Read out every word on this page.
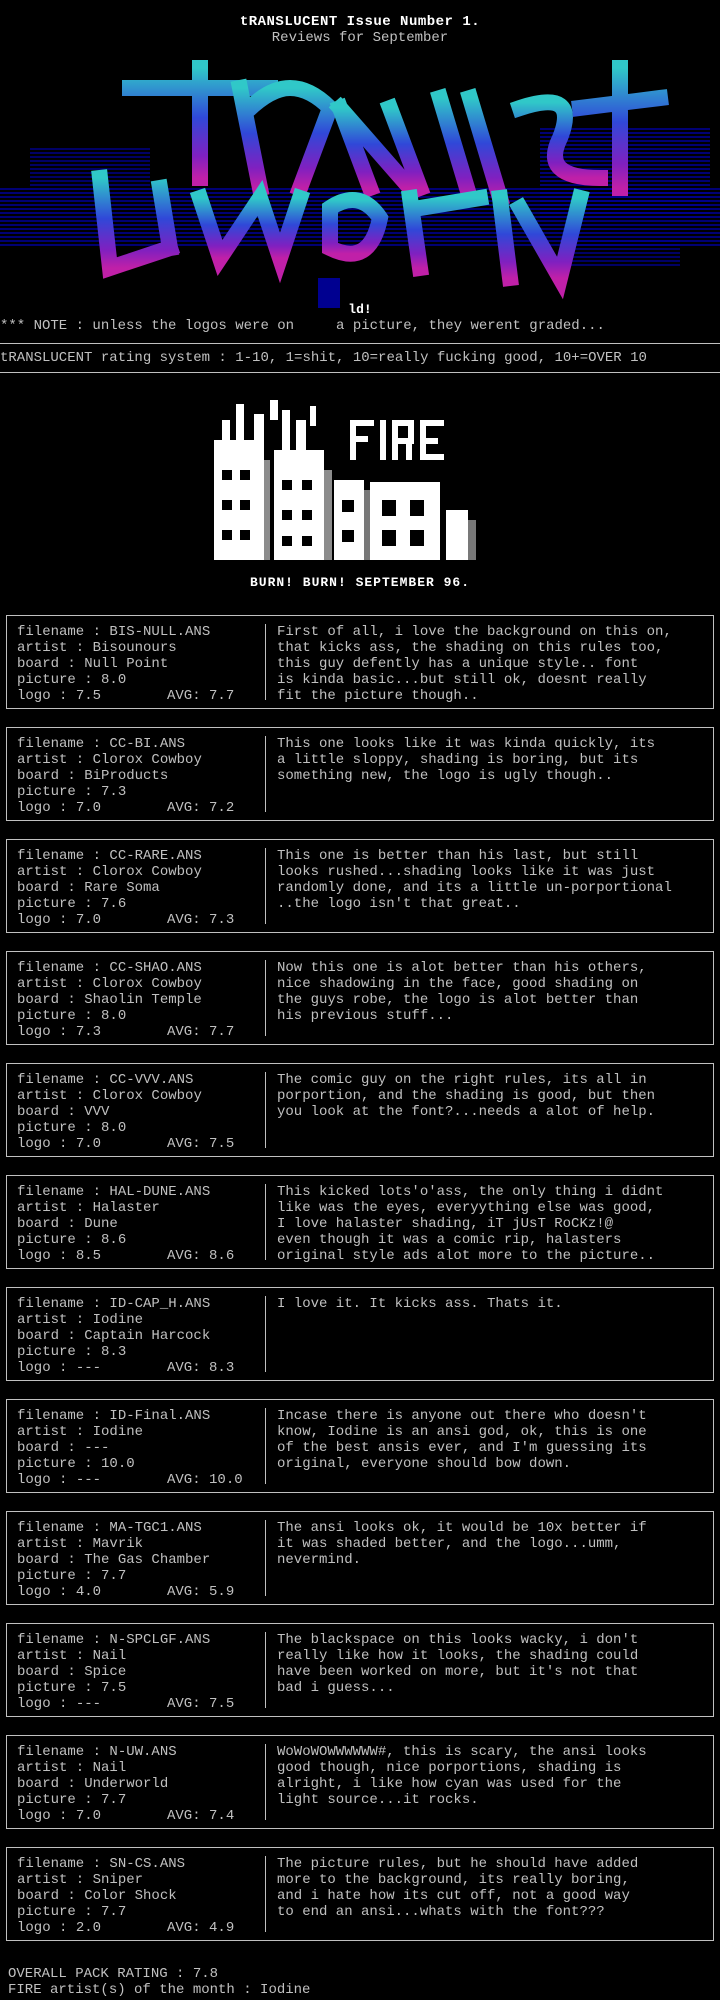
tRANSLUCENT Issue Number 1.
Reviews for September
ld!
*** NOTE : unless the logos were on     a picture, they werent graded...
tRANSLUCENT rating system : 1-10, 1=shit, 10=really fucking good, 10+=OVER 10
BURN! BURN! SEPTEMBER 96.
filename : BIS-NULL.ANS
artist : Bisounours
board : Null Point
picture : 8.0
logo : 7.5	AVG: 7.7
First of all, i love the background on this on,
that kicks ass, the shading on this rules too,
this guy defently has a unique style.. font
is kinda basic...but still ok, doesnt really
fit the picture though..
filename : CC-BI.ANS
artist : Clorox Cowboy
board : BiProducts
picture : 7.3
logo : 7.0	AVG: 7.2
This one looks like it was kinda quickly, its
a little sloppy, shading is boring, but its
something new, the logo is ugly though..
filename : CC-RARE.ANS
artist : Clorox Cowboy
board : Rare Soma
picture : 7.6
logo : 7.0	AVG: 7.3
This one is better than his last, but still
looks rushed...shading looks like it was just
randomly done, and its a little un-porportional
..the logo isn't that great..
filename : CC-SHAO.ANS
artist : Clorox Cowboy
board : Shaolin Temple
picture : 8.0
logo : 7.3	AVG: 7.7
Now this one is alot better than his others,
nice shadowing in the face, good shading on
the guys robe, the logo is alot better than
his previous stuff...
filename : CC-VVV.ANS
artist : Clorox Cowboy
board : VVV
picture : 8.0
logo : 7.0	AVG: 7.5
The comic guy on the right rules, its all in
porportion, and the shading is good, but then
you look at the font?...needs a alot of help.
filename : HAL-DUNE.ANS
artist : Halaster
board : Dune
picture : 8.6
logo : 8.5	AVG: 8.6
This kicked lots'o'ass, the only thing i didnt
like was the eyes, everyything else was good,
I love halaster shading, iT jUsT RoCKz!@
even though it was a comic rip, halasters
original style ads alot more to the picture..
filename : ID-CAP_H.ANS
artist : Iodine
board : Captain Harcock
picture : 8.3
logo : ---	AVG: 8.3
I love it. It kicks ass. Thats it.
filename : ID-Final.ANS
artist : Iodine
board : ---
picture : 10.0
logo : ---	AVG: 10.0
Incase there is anyone out there who doesn't
know, Iodine is an ansi god, ok, this is one
of the best ansis ever, and I'm guessing its
original, everyone should bow down.
filename : MA-TGC1.ANS
artist : Mavrik
board : The Gas Chamber
picture : 7.7
logo : 4.0	AVG: 5.9
The ansi looks ok, it would be 10x better if
it was shaded better, and the logo...umm,
nevermind.
filename : N-SPCLGF.ANS
artist : Nail
board : Spice
picture : 7.5
logo : ---	AVG: 7.5
The blackspace on this looks wacky, i don't
really like how it looks, the shading could
have been worked on more, but it's not that
bad i guess...
filename : N-UW.ANS
artist : Nail
board : Underworld
picture : 7.7
logo : 7.0	AVG: 7.4
WoWoWOWWWWWW#, this is scary, the ansi looks
good though, nice porportions, shading is
alright, i like how cyan was used for the
light source...it rocks.
filename : SN-CS.ANS
artist : Sniper
board : Color Shock
picture : 7.7
logo : 2.0	AVG: 4.9
The picture rules, but he should have added
more to the background, its really boring,
and i hate how its cut off, not a good way
to end an ansi...whats with the font???
OVERALL PACK RATING : 7.8
FIRE artist(s) of the month : Iodine
